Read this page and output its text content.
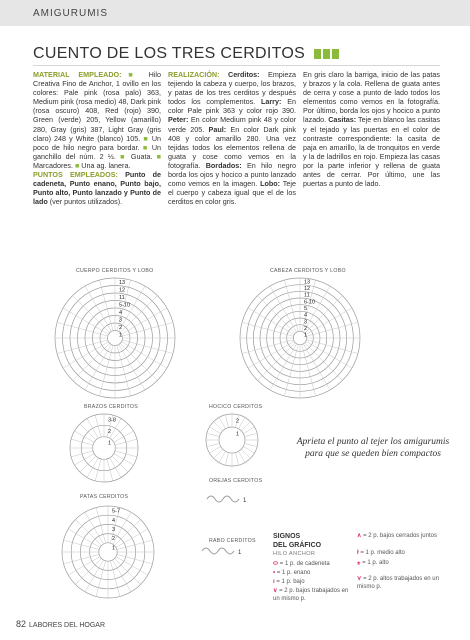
AMIGURUMIS
CUENTO DE LOS TRES CERDITOS
MATERIAL EMPLEADO:■ Hilo Creativa Fino de Anchor, 1 ovillo en los colores: Pale pink (rosa palo) 363, Medium pink (rosa medio) 48, Dark pink (rosa oscuro) 408, Red (rojo) 390, Green (verde) 205, Yellow (amarillo) 280, Gray (gris) 387, Light Gray (gris claro) 248 y White (blanco) 105. ■ Un poco de hilo negro para bordar. ■ Un ganchillo del núm. 2 ½. ■ Guata. ■ Marcadores. ■ Una ag. lanera.
PUNTOS EMPLEADOS: Punto de cadeneta, Punto enano, Punto bajo, Punto alto, Punto lanzado y Punto de lado (ver puntos utilizados).
REALIZACIÓN: Cerditos: Empieza tejiendo la cabeza y cuerpo, los brazos, y patas de los tres cerditos y después todos los complementos. Larry: En color Pale pink 363 y color rojo 390. Peter: En color Medium pink 48 y color verde 205. Paul: En color Dark pink 408 y color amarillo 280. Una vez tejidas todos los elementos rellena de guata y cose como vemos en la fotografía. Bordados: En hilo negro borda los ojos y hocico a punto lanzado como vemos en la imagen. Lobo: Teje el cuerpo y cabeza igual que el de los cerditos en color gris.
En gris claro la barriga, inicio de las patas y brazos y la cola. Rellena de guata antes de cerra y cose a punto de lado todos los elementos como vemos en la fotografía. Por último, borda los ojos y hocico a punto lazado. Casitas: Teje en blanco las casitas y el tejado y las puertas en el color de contraste correspondiente: la casita de paja en amarillo, la de tronquitos en verde y la de ladrillos en rojo. Empieza las casas por la parte inferior y rellena de guata antes de cerrar. Por último, une las puertas a punto de lado.
CUERPO CERDITOS Y LOBO
13
12
11
5-10
4
3
2
1
CABEZA CERDITOS Y LOBO
13
12
11
6-10
5
4
3
2
1
BRAZOS CERDITOS
3-8
2
1
HOCICO CERDITOS
2
1
OREJAS CERDITOS
1
PATAS CERDITOS
5-7
4
3
2
1
RABO CERDITOS
1
Aprieta el punto al tejer los amigurumis para que se queden bien compactos
SIGNOS
DEL GRÁFICO
HILO ANCHOR
⬭ = 1 p. de cadeneta
• = 1 p. enano
ı = 1 p. bajo
∨ = 2 p. bajos trabajados en un mismo p.
∧ = 2 p. bajos cerrados juntos
ł = 1 p. medio alto
⨦ = 1 p. alto
⋎ = 2 p. altos trabajados en un mismo p.
82 LABORES DEL HOGAR
